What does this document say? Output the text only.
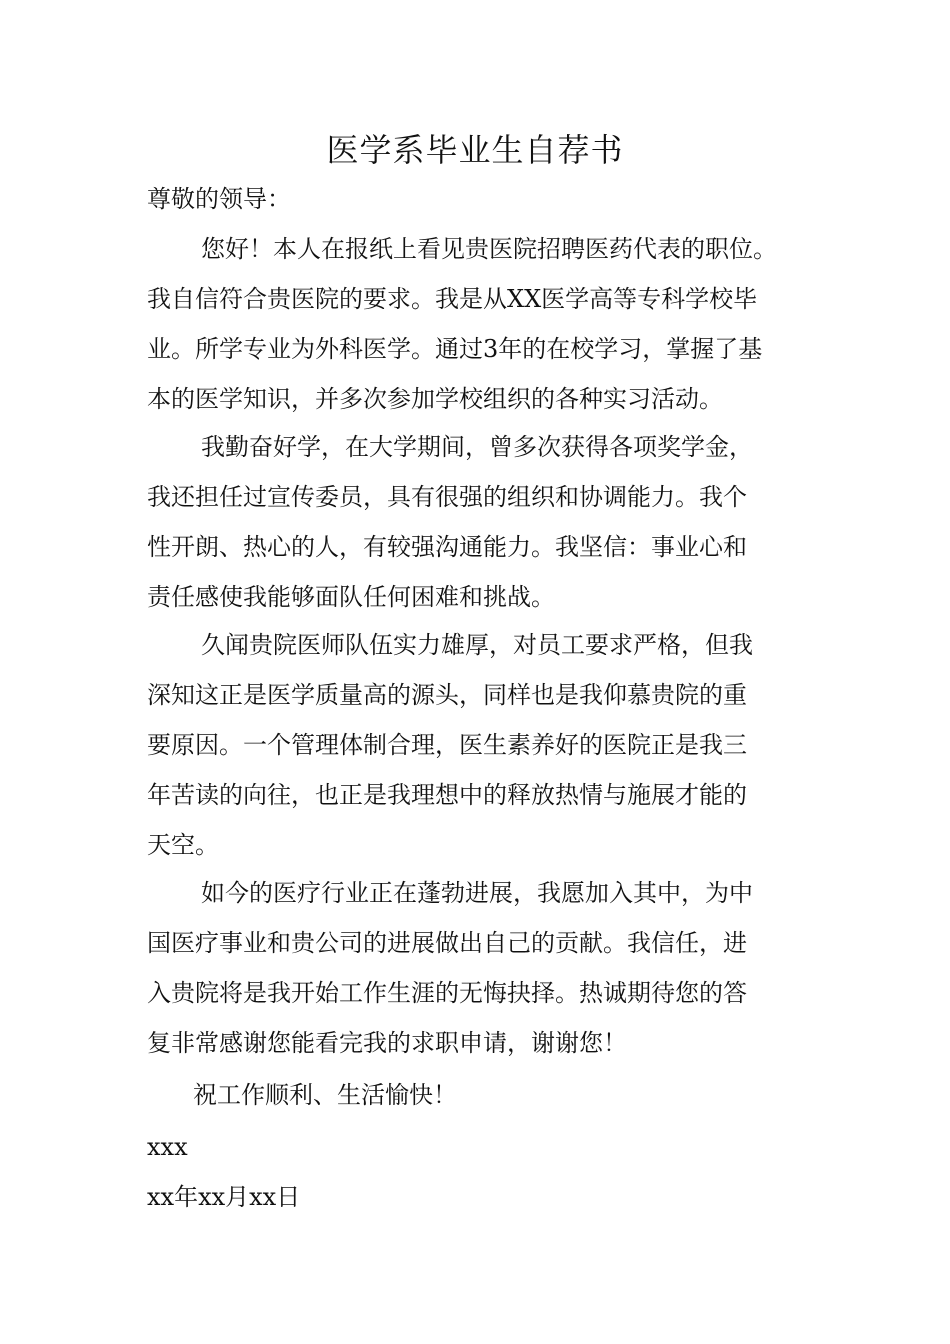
医学系毕业生自荐书
尊敬的领导：
您好！本人在报纸上看见贵医院招聘医药代表的职位。
我自信符合贵医院的要求。我是从XX医学高等专科学校毕
业。所学专业为外科医学。通过3年的在校学习，掌握了基
本的医学知识，并多次参加学校组织的各种实习活动。
我勤奋好学，在大学期间，曾多次获得各项奖学金，
我还担任过宣传委员，具有很强的组织和协调能力。我个
性开朗、热心的人，有较强沟通能力。我坚信：事业心和
责任感使我能够面队任何困难和挑战。
久闻贵院医师队伍实力雄厚，对员工要求严格，但我
深知这正是医学质量高的源头，同样也是我仰慕贵院的重
要原因。一个管理体制合理，医生素养好的医院正是我三
年苦读的向往，也正是我理想中的释放热情与施展才能的
天空。
如今的医疗行业正在蓬勃进展，我愿加入其中，为中
国医疗事业和贵公司的进展做出自己的贡献。我信任，进
入贵院将是我开始工作生涯的无悔抉择。热诚期待您的答
复非常感谢您能看完我的求职申请，谢谢您！
祝工作顺利、生活愉快！
xxx
xx年xx月xx日
